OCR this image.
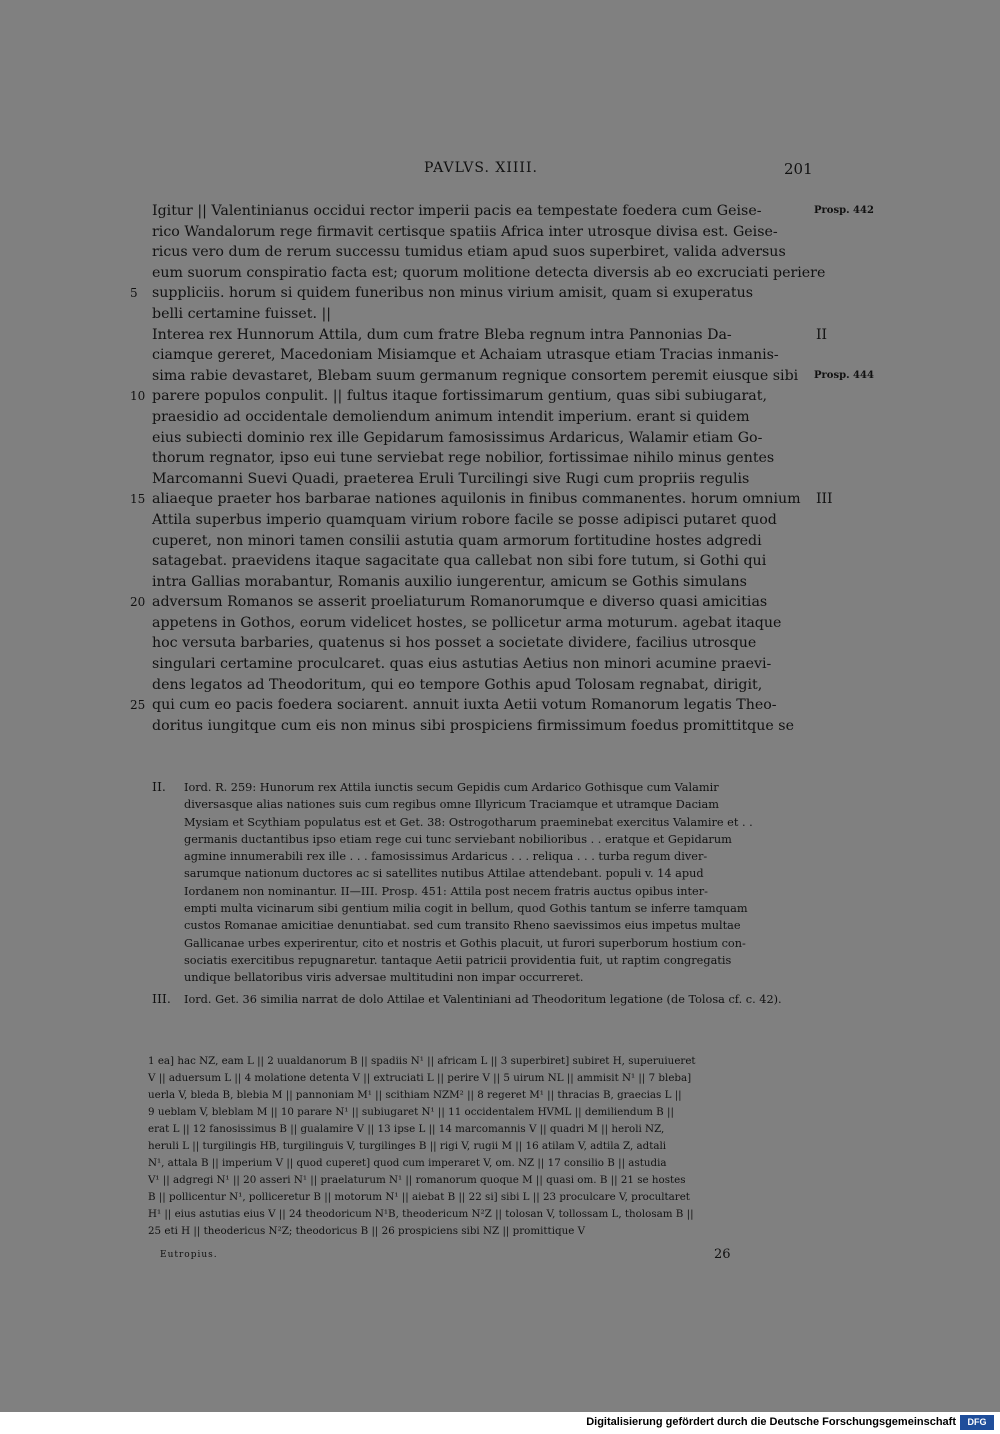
PAVLVS. XIIII.	201
Igitur || Valentinianus occidui rector imperii pacis ea tempestate foedera cum Geise-	Prosp. 442
rico Wandalorum rege firmavit certisque spatiis Africa inter utrosque divisa est. Geise-
ricus vero dum de rerum successu tumidus etiam apud suos superbiret, valida adversus
eum suorum conspiratio facta est; quorum molitione detecta diversis ab eo excruciati periere
5 suppliciis. horum si quidem funeribus non minus virium amisit, quam si exuperatus
belli certamine fuisset. ||
Interea rex Hunnorum Attila, dum cum fratre Bleba regnum intra Pannonias Da-	II
ciamque gereret, Macedoniam Misiamque et Achaiam utrasque etiam Tracias inmanis-
sima rabie devastaret, Blebam suum germanum regnique consortem peremit eiusque sibi Prosp. 444
10 parere populos conpulit. || fultus itaque fortissimarum gentium, quas sibi subiugarat,
praesidio ad occidentale demoliendum animum intendit imperium. erant si quidem
eius subiecti dominio rex ille Gepidarum famosissimus Ardaricus, Walamir etiam Go-
thorum regnator, ipso eui tune serviebat rege nobilior, fortissimae nihilo minus gentes
Marcomanni Suevi Quadi, praeterea Eruli Turcilingi sive Rugi cum propriis regulis
15 aliaeque praeter hos barbarae nationes aquilonis in finibus commanentes. horum omnium III
Attila superbus imperio quamquam virium robore facile se posse adipisci putaret quod
cuperet, non minori tamen consilii astutia quam armorum fortitudine hostes adgredi
satagebat. praevidens itaque sagacitate qua callebat non sibi fore tutum, si Gothi qui
intra Gallias morabantur, Romanis auxilio iungerentur, amicum se Gothis simulans
20 adversum Romanos se asserit proeliaturum Romanorumque e diverso quasi amicitias
appetens in Gothos, eorum videlicet hostes, se pollicetur arma moturum. agebat itaque
hoc versuta barbaries, quatenus si hos posset a societate dividere, facilius utrosque
singulari certamine proculcaret. quas eius astutias Aetius non minori acumine praevi-
dens legatos ad Theodoritum, qui eo tempore Gothis apud Tolosam regnabat, dirigit,
25 qui cum eo pacis foedera sociarent. annuit iuxta Aetii votum Romanorum legatis Theo-
doritus iungitque cum eis non minus sibi prospiciens firmissimum foedus promittitque se
II. Iord. R. 259: Hunorum rex Attila iunctis secum Gepidis cum Ardarico Gothisque cum Valamir
diversasque alias nationes suis cum regibus omne Illyricum Traciamque et utramque Daciam
Mysiam et Scythiam populatus est et Get. 38: Ostrogotharum praeminebat exercitus Valamire et . .
germanis ductantibus ipso etiam rege cui tunc serviebant nobilioribus . . eratque et Gepidarum
agmine innumerabili rex ille . . . famosissimus Ardaricus . . . reliqua . . . turba regum diver-
sarumque nationum ductores ac si satellites nutibus Attilae attendebant. populi v. 14 apud
Iordanem non nominantur. II—III. Prosp. 451: Attila post necem fratris auctus opibus inter-
empti multa vicinarum sibi gentium milia cogit in bellum, quod Gothis tantum se inferre tamquam
custos Romanae amicitiae denuntiabat. sed cum transito Rheno saevissimos eius impetus multae
Gallicanae urbes experirentur, cito et nostris et Gothis placuit, ut furori superborum hostium con-
sociatis exercitibus repugnaretur. tantaque Aetii patricii providentia fuit, ut raptim congregatis
undique bellatoribus viris adversae multitudini non impar occurreret.
III. Iord. Get. 36 similia narrat de dolo Attilae et Valentiniani ad Theodoritum legatione (de Tolosa cf. c. 42).
1 ea] hac NZ, eam L || 2 uualdanorum B || spadiis N¹ || africam L || 3 superbiret] subiret H, superuiueret
V || aduersum L || 4 molatione detenta V || extruciati L || perire V || 5 uirum NL || ammisit N¹ || 7 bleba]
uerla V, bleda B, blebia M || pannoniam M¹ || scithiam NZM² || 8 regeret M¹ || thracias B, graecias L ||
9 ueblam V, bleblam M || 10 parare N¹ || subiugaret N¹ || 11 occidentalem HVML || demiliendum B ||
erat L || 12 fanosissimus B || gualamire V || 13 ipse L || 14 marcomannis V || quadri M || heroli NZ,
heruli L || turgilingis HB, turgilinguis V, turgilinges B || rigi V, rugii M || 16 atilam V, adtila Z, adtali
N¹, attala B || imperium V || quod cuperet] quod cum imperaret V, om. NZ || 17 consilio B || astudia
V¹ || adgregi N¹ || 20 asseri N¹ || praelaturum N¹ || romanorum quoque M || quasi om. B || 21 se hostes
B || pollicentur N¹, polliceretur B || motorum N¹ || aiebat B || 22 si] sibi L || 23 proculcare V, procultaret
H¹ || eius astutias eius V || 24 theodoricum N¹B, theodericum N²Z || tolosan V, tollossam L, tholosam B ||
25 eti H || theodericus N²Z; theodoricus B || 26 prospiciens sibi NZ || promittique V
Eutropius.	26
Digitalisierung gefördert durch die Deutsche Forschungsgemeinschaft	DFG
